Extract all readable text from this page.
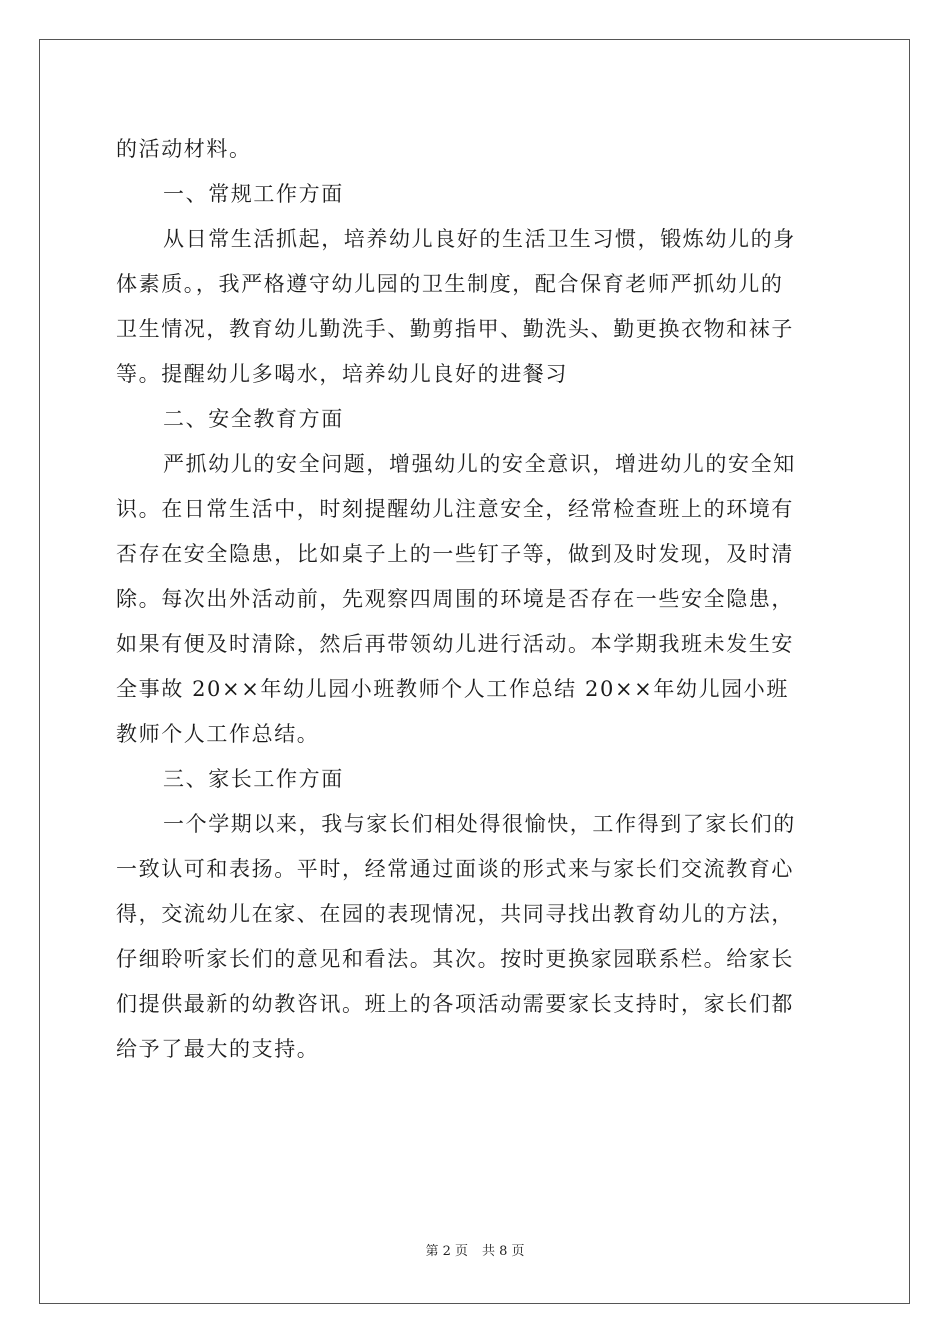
的活动材料。
一、常规工作方面
从日常生活抓起，培养幼儿良好的生活卫生习惯，锻炼幼儿的身
体素质。，我严格遵守幼儿园的卫生制度，配合保育老师严抓幼儿的
卫生情况，教育幼儿勤洗手、勤剪指甲、勤洗头、勤更换衣物和袜子
等。提醒幼儿多喝水，培养幼儿良好的进餐习
二、安全教育方面
严抓幼儿的安全问题，增强幼儿的安全意识，增进幼儿的安全知
识。在日常生活中，时刻提醒幼儿注意安全，经常检查班上的环境有
否存在安全隐患，比如桌子上的一些钉子等，做到及时发现，及时清
除。每次出外活动前，先观察四周围的环境是否存在一些安全隐患，
如果有便及时清除，然后再带领幼儿进行活动。本学期我班未发生安
全事故 20××年幼儿园小班教师个人工作总结 20××年幼儿园小班
教师个人工作总结。
三、家长工作方面
一个学期以来，我与家长们相处得很愉快，工作得到了家长们的
一致认可和表扬。平时，经常通过面谈的形式来与家长们交流教育心
得，交流幼儿在家、在园的表现情况，共同寻找出教育幼儿的方法，
仔细聆听家长们的意见和看法。其次。按时更换家园联系栏。给家长
们提供最新的幼教咨讯。班上的各项活动需要家长支持时，家长们都
给予了最大的支持。
第 2 页 共 8 页
